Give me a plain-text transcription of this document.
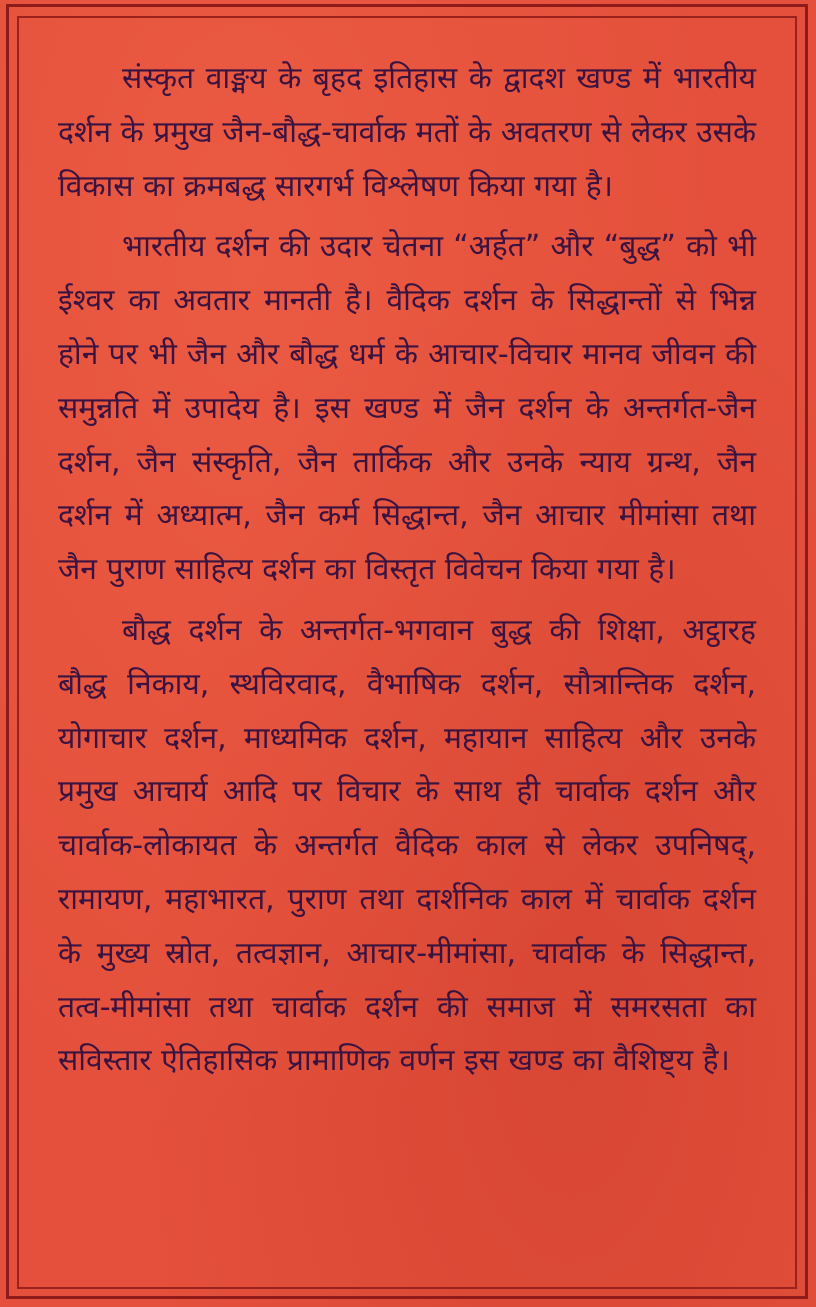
संस्कृत वाङ्मय के बृहद इतिहास के द्वादश खण्ड में भारतीय दर्शन के प्रमुख जैन-बौद्ध-चार्वाक मतों के अवतरण से लेकर उसके विकास का क्रमबद्ध सारगर्भ विश्लेषण किया गया है।

भारतीय दर्शन की उदार चेतना “अर्हत” और “बुद्ध” को भी ईश्वर का अवतार मानती है। वैदिक दर्शन के सिद्धान्तों से भिन्न होने पर भी जैन और बौद्ध धर्म के आचार-विचार मानव जीवन की समुन्नति में उपादेय है। इस खण्ड में जैन दर्शन के अन्तर्गत-जैन दर्शन, जैन संस्कृति, जैन तार्किक और उनके न्याय ग्रन्थ, जैन दर्शन में अध्यात्म, जैन कर्म सिद्धान्त, जैन आचार मीमांसा तथा जैन पुराण साहित्य दर्शन का विस्तृत विवेचन किया गया है।

बौद्ध दर्शन के अन्तर्गत-भगवान बुद्ध की शिक्षा, अट्ठारह बौद्ध निकाय, स्थविरवाद, वैभाषिक दर्शन, सौत्रान्तिक दर्शन, योगाचार दर्शन, माध्यमिक दर्शन, महायान साहित्य और उनके प्रमुख आचार्य आदि पर विचार के साथ ही चार्वाक दर्शन और चार्वाक-लोकायत के अन्तर्गत वैदिक काल से लेकर उपनिषद्, रामायण, महाभारत, पुराण तथा दार्शनिक काल में चार्वाक दर्शन के मुख्य स्रोत, तत्वज्ञान, आचार-मीमांसा, चार्वाक के सिद्धान्त, तत्व-मीमांसा तथा चार्वाक दर्शन की समाज में समरसता का सविस्तार ऐतिहासिक प्रामाणिक वर्णन इस खण्ड का वैशिष्ट्य है।
